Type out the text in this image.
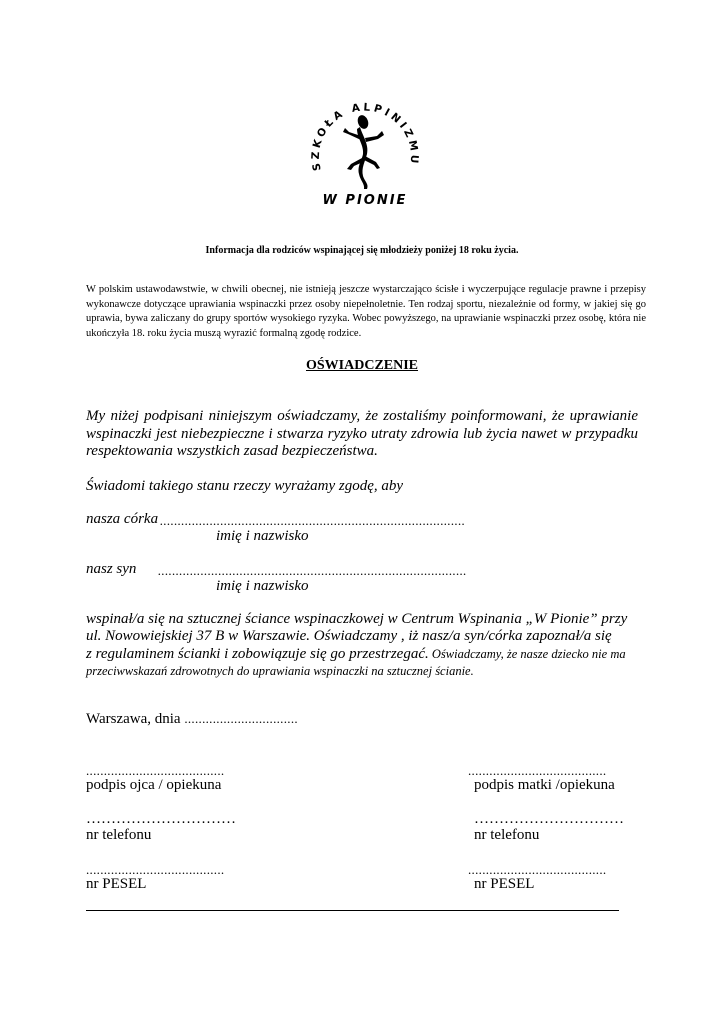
SZKOŁA ALPINIZMU
W PIONIE
Informacja dla rodziców wspinającej się młodzieży poniżej 18 roku życia.
W polskim ustawodawstwie, w chwili obecnej, nie istnieją jeszcze wystarczająco ścisłe i wyczerpujące regulacje prawne i przepisy wykonawcze dotyczące uprawiania wspinaczki przez osoby niepełnoletnie. Ten rodzaj sportu, niezależnie od formy, w jakiej się go uprawia, bywa zaliczany do grupy sportów wysokiego ryzyka. Wobec powyższego, na uprawianie wspinaczki przez osobę, która nie ukończyła 18. roku życia muszą wyrazić formalną zgodę rodzice.
OŚWIADCZENIE
My niżej podpisani niniejszym oświadczamy, że zostaliśmy poinformowani, że uprawianie wspinaczki jest niebezpieczne i stwarza ryzyko utraty zdrowia lub życia nawet w przypadku respektowania wszystkich zasad bezpieczeństwa.
Świadomi takiego stanu rzeczy wyrażamy zgodę, aby
nasza córka ......................................................................................
imię i nazwisko
nasz syn .......................................................................................
imię i nazwisko
wspinał/a się na sztucznej ściance wspinaczkowej w Centrum Wspinania „W Pionie” przy
ul. Nowowiejskiej 37 B w Warszawie. Oświadczamy , iż nasz/a syn/córka zapoznał/a się
z regulaminem ścianki i zobowiązuje się go przestrzegać. Oświadczamy, że nasze dziecko nie ma
przeciwwskazań zdrowotnych do uprawiania wspinaczki na sztucznej ścianie.
Warszawa, dnia ................................
.......................................
podpis ojca / opiekuna
…………………………
nr telefonu
.......................................
nr PESEL
.......................................
podpis matki /opiekuna
…………………………
nr telefonu
.......................................
nr PESEL
